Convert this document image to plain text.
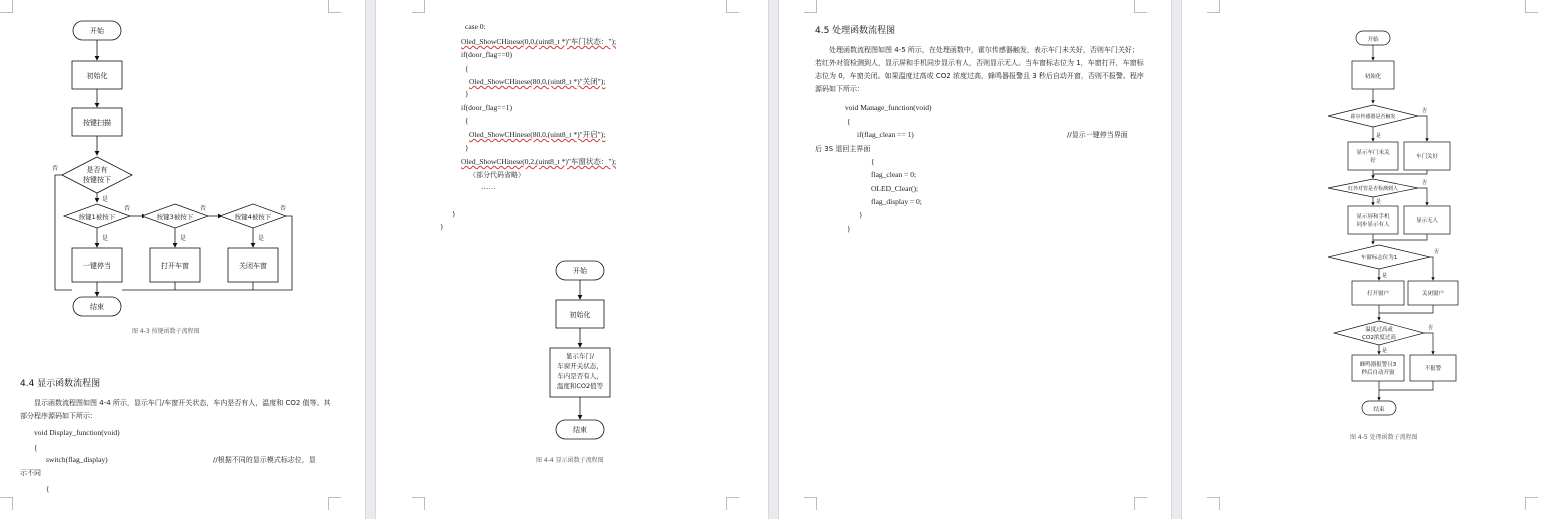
开始
初始化
按键扫描
是否有
按键按下
按键1被按下	按键3被按下	按键4被按下
一键停当	打开车窗	关闭车窗
结束
是
是	是	是
否
否	否	否
图 4-3 按键函数子流程图
4.4 显示函数流程图
显示函数流程图如图 4-4 所示，显示车门/车窗开关状态，车内是否有人，温度和 CO2 值等。其部分程序源码如下所示：
void Display_function(void)
{
switch(flag_display)	//根据不同的显示模式标志位，显
示不同
{
case 0:
Oled_ShowCHinese(0,0,(uint8_t *)"车门状态：");
if(door_flag==0)
{
Oled_ShowCHinese(80,0,(uint8_t *)"关闭");
}
if(door_flag==1)
{
Oled_ShowCHinese(80,0,(uint8_t *)"开启");
}
Oled_ShowCHinese(0,2,(uint8_t *)"车窗状态：");
（部分代码省略）
……
}
}
开始
初始化
显示车门/
车窗开关状态，
车内是否有人，
温度和CO2值等
结束
图 4-4 显示函数子流程图
4.5 处理函数流程图
处理函数流程图如图 4-5 所示，在处理函数中，霍尔传感器触发，表示车门未关好，否则车门关好；若红外对管检测到人，显示屏和手机同步显示有人，否则显示无人。当车窗标志位为 1，车窗打开，车窗标志位为 0，车窗关闭。如果温度过高或 CO2 浓度过高，蜂鸣器报警且 3 秒后自动开窗，否则不报警。程序源码如下所示：
void Manage_function(void)
{
if(flag_clean == 1)	//显示一键停当界面
后 3S 退回主界面
{
flag_clean = 0;
OLED_Clear();
flag_display = 0;
}
}
开始
初始化
霍尔传感器是否触发
显示车门未关
好
车门关好
红外对管是否检测到人
显示屏和手机
同步显示有人
显示无人
车窗标志位为1
打开窗户	关闭窗户
温度过高或
CO2浓度过高
蜂鸣器报警且3
秒后自动开窗
不报警
结束
是
否
是
否
是
否
是
否
图 4-5 处理函数子流程图
